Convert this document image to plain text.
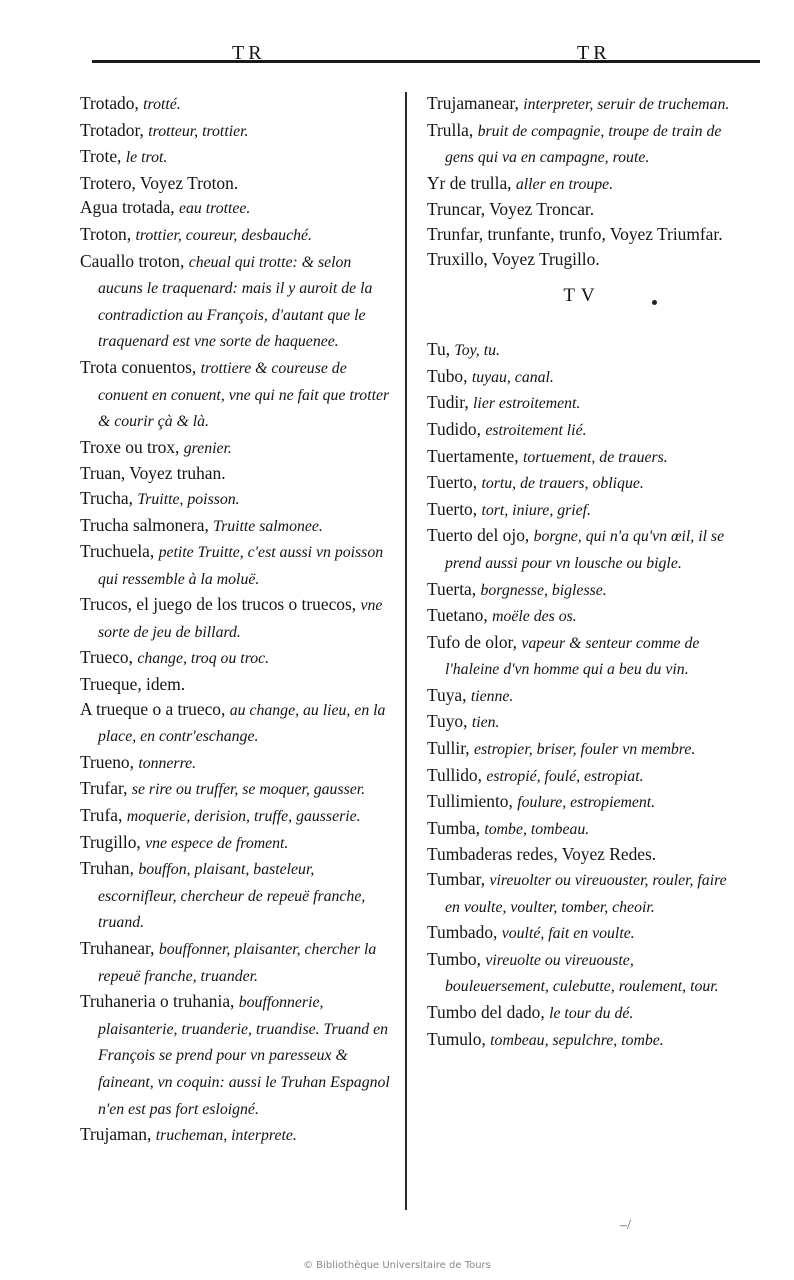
TR	TR

Trotado, trotté.

Trotador, trotteur, trottier.

Trote, le trot.

Trotero, Voyez Troton.

Agua trotada, eau trottee.

Troton, trottier, coureur, desbauché.

Cauallo troton, cheual qui trotte: & selon aucuns le traquenard: mais il y auroit de la contradiction au François, d'autant que le traquenard est vne sorte de haquenee.

Trota conuentos, trottiere & coureuse de conuent en conuent, vne qui ne fait que trotter & courir çà & là.

Troxe ou trox, grenier.

Truan, Voyez truhan.

Trucha, Truitte, poisson.

Trucha salmonera, Truitte salmonee.

Truchuela, petite Truitte, c'est aussi vn poisson qui ressemble à la moluë.

Trucos, el juego de los trucos o truecos, vne sorte de jeu de billard.

Trueco, change, troq ou troc.

Trueque, idem.

A trueque o a trueco, au change, au lieu, en la place, en contr'eschange.

Trueno, tonnerre.

Trufar, se rire ou truffer, se moquer, gausser.

Trufa, moquerie, derision, truffe, gausserie.

Trugillo, vne espece de froment.

Truhan, bouffon, plaisant, basteleur, escornifleur, chercheur de repeuë franche, truand.

Truhanear, bouffonner, plaisanter, chercher la repeuë franche, truander.

Truhaneria o truhania, bouffonnerie, plaisanterie, truanderie, truandise. Truand en François se prend pour vn paresseux & faineant, vn coquin: aussi le Truhan Espagnol n'en est pas fort esloigné.

Trujaman, trucheman, interprete.

Trujamanear, interpreter, seruir de trucheman.

Trulla, bruit de compagnie, troupe de train de gens qui va en campagne, route.

Yr de trulla, aller en troupe.

Truncar, Voyez Troncar.

Trunfar, trunfante, trunfo, Voyez Triumfar.

Truxillo, Voyez Trugillo.

TV

Tu, Toy, tu.

Tubo, tuyau, canal.

Tudir, lier estroitement.

Tudido, estroitement lié.

Tuertamente, tortuement, de trauers.

Tuerto, tortu, de trauers, oblique.

Tuerto, tort, iniure, grief.

Tuerto del ojo, borgne, qui n'a qu'vn œil, il se prend aussi pour vn lousche ou bigle.

Tuerta, borgnesse, biglesse.

Tuetano, moële des os.

Tufo de olor, vapeur & senteur comme de l'haleine d'vn homme qui a beu du vin.

Tuya, tienne.

Tuyo, tien.

Tullir, estropier, briser, fouler vn membre.

Tullido, estropié, foulé, estropiat.

Tullimiento, foulure, estropiement.

Tumba, tombe, tombeau.

Tumbaderas redes, Voyez Redes.

Tumbar, vireuolter ou vireuouster, rouler, faire en voulte, voulter, tomber, cheoir.

Tumbado, voulté, fait en voulte.

Tumbo, vireuolte ou vireuouste, bouleuersement, culebutte, roulement, tour.

Tumbo del dado, le tour du dé.

Tumulo, tombeau, sepulchre, tombe.

–/
© Bibliothèque Universitaire de Tours
